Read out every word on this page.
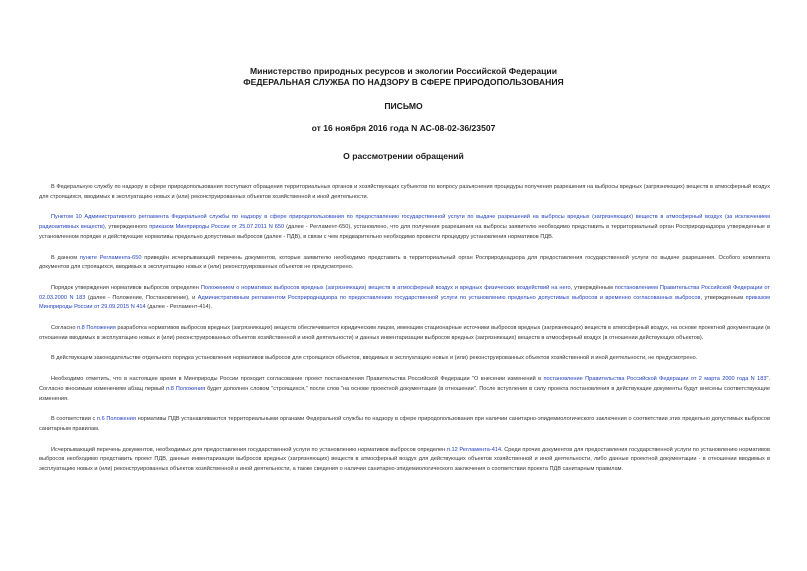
Министерство природных ресурсов и экологии Российской Федерации
ФЕДЕРАЛЬНАЯ СЛУЖБА ПО НАДЗОРУ В СФЕРЕ ПРИРОДОПОЛЬЗОВАНИЯ
ПИСЬМО
от 16 ноября 2016 года N АС-08-02-36/23507
О рассмотрении обращений

В Федеральную службу по надзору в сфере природопользования поступают обращения территориальных органов и хозяйствующих субъектов по вопросу разъяснения процедуры получения разрешения на выбросы вредных (загрязняющих) веществ в атмосферный воздух для строящихся, вводимых в эксплуатацию новых и (или) реконструированных объектов хозяйственной и иной деятельности.

Пунктом 10 Административного регламента Федеральной службы по надзору в сфере природопользования по предоставлению государственной услуги по выдаче разрешений на выбросы вредных (загрязняющих) веществ в атмосферный воздух (за исключением радиоактивных веществ), утвержденного приказом Минприроды России от 25.07.2011 N 650 (далее - Регламент-650), установлено, что для получения разрешения на выбросы заявителю необходимо представить в территориальный орган Росприроднадзора утвержденные в установленном порядке и действующие нормативы предельно допустимых выбросов (далее - ПДВ), в связи с чем предварительно необходимо провести процедуру установления нормативов ПДВ.

В данном пункте Регламента-650 приведён исчерпывающий перечень документов, которые заявителю необходимо представить в территориальный орган Росприроднадзора для предоставления государственной услуги по выдаче разрешения. Особого комплекта документов для строящихся, вводимых в эксплуатацию новых и (или) реконструированных объектов не предусмотрено.

Порядок утверждения нормативов выбросов определен Положением о нормативах выбросов вредных (загрязняющих) веществ в атмосферный воздух и вредных физических воздействий на него, утверждённым постановлением Правительства Российской Федерации от 02.03.2000 N 183 (далее - Положение, Постановление), и Административным регламентом Росприроднадзора по предоставлению государственной услуги по установлению предельно допустимых выбросов и временно согласованных выбросов, утвержденным приказом Минприроды России от 29.09.2015 N 414 (далее - Регламент-414).

Согласно п.8 Положения разработка нормативов выбросов вредных (загрязняющих) веществ обеспечивается юридическим лицом, имеющим стационарные источники выбросов вредных (загрязняющих) веществ в атмосферный воздух, на основе проектной документации (в отношении вводимых в эксплуатацию новых и (или) реконструированных объектов хозяйственной и иной деятельности) и данных инвентаризации выбросов вредных (загрязняющих) веществ в атмосферный воздух (в отношении действующих объектов).

В действующем законодательстве отдельного порядка установления нормативов выбросов для строящихся объектов, вводимых в эксплуатацию новых и (или) реконструированных объектов хозяйственной и иной деятельности, не предусмотрено.

Необходимо отметить, что в настоящее время в Минприроды России проходит согласование проект постановления Правительства Российской Федерации "О внесении изменений в постановление Правительства Российской Федерации от 2 марта 2000 года N 183". Согласно вносимым изменениям абзац первый п.8 Положения будет дополнен словом "строящихся," после слов "на основе проектной документации (в отношении". После вступления в силу проекта постановления в действующие документы будут внесены соответствующие изменения.

В соответствии с п.6 Положения нормативы ПДВ устанавливаются территориальными органами Федеральной службы по надзору в сфере природопользования при наличии санитарно-эпидемиологического заключения о соответствии этих предельно допустимых выбросов санитарным правилам.

Исчерпывающий перечень документов, необходимых для предоставления государственной услуги по установлению нормативов выбросов определен п.12 Регламента-414. Среди прочих документов для предоставления государственной услуги по установлению нормативов выбросов необходимо представить проект ПДВ, данные инвентаризации выбросов вредных (загрязняющих) веществ в атмосферный воздух для действующих объектов хозяйственной и иной деятельности, либо данные проектной документации - в отношении вводимых в эксплуатацию новых и (или) реконструированных объектов хозяйственной и иной деятельности, а также сведения о наличии санитарно-эпидемиологического заключения о соответствии проекта ПДВ санитарным правилам.
